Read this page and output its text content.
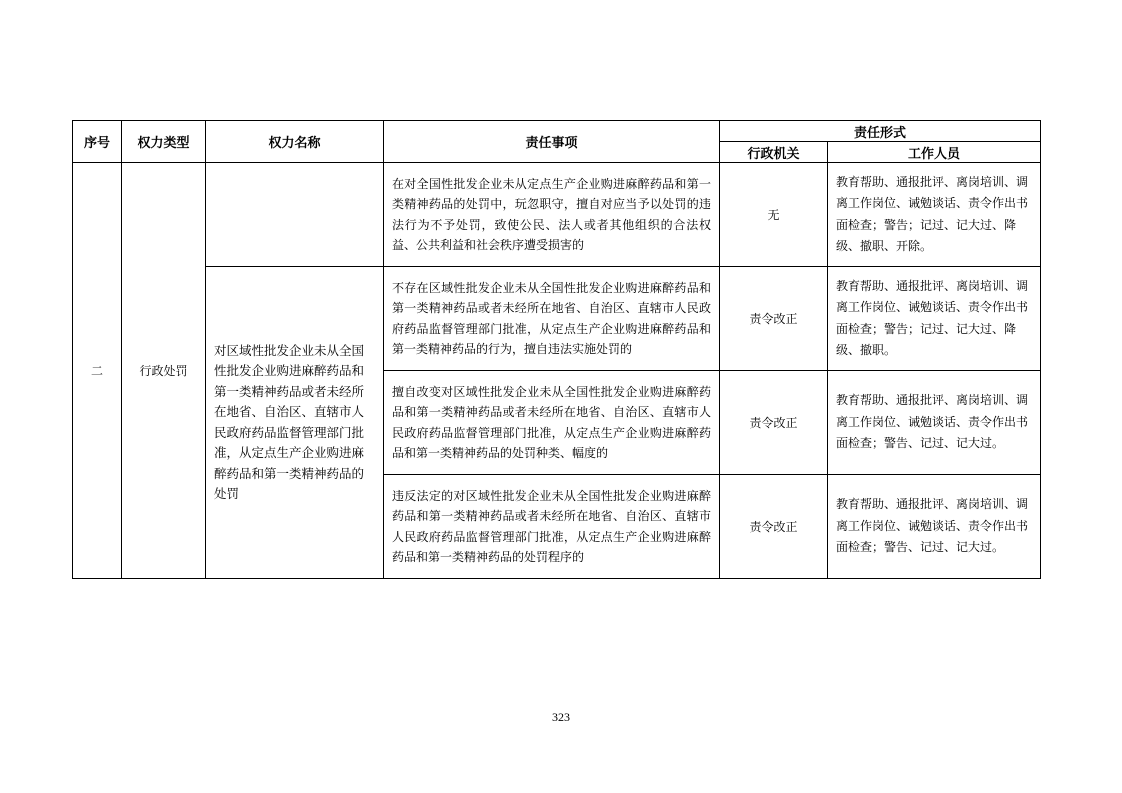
序号	权力类型	权力名称	责任事项	责任形式	
				行政机关	工作人员
二	行政处罚		在对全国性批发企业未从定点生产企业购进麻醉药品和第一类精神药品的处罚中，玩忽职守，擅自对应当予以处罚的违法行为不予处罚，致使公民、法人或者其他组织的合法权益、公共利益和社会秩序遭受损害的	无	教育帮助、通报批评、离岗培训、调离工作岗位、诫勉谈话、责令作出书面检查；警告；记过、记大过、降级、撤职、开除。
		对区域性批发企业未从全国性批发企业购进麻醉药品和第一类精神药品或者未经所在地省、自治区、直辖市人民政府药品监督管理部门批准，从定点生产企业购进麻醉药品和第一类精神药品的处罚	不存在区域性批发企业未从全国性批发企业购进麻醉药品和第一类精神药品或者未经所在地省、自治区、直辖市人民政府药品监督管理部门批准，从定点生产企业购进麻醉药品和第一类精神药品的行为，擅自违法实施处罚的	责令改正	教育帮助、通报批评、离岗培训、调离工作岗位、诫勉谈话、责令作出书面检查；警告；记过、记大过、降级、撤职。
			擅自改变对区域性批发企业未从全国性批发企业购进麻醉药品和第一类精神药品或者未经所在地省、自治区、直辖市人民政府药品监督管理部门批准，从定点生产企业购进麻醉药品和第一类精神药品的处罚种类、幅度的	责令改正	教育帮助、通报批评、离岗培训、调离工作岗位、诫勉谈话、责令作出书面检查；警告、记过、记大过。
			违反法定的对区域性批发企业未从全国性批发企业购进麻醉药品和第一类精神药品或者未经所在地省、自治区、直辖市人民政府药品监督管理部门批准，从定点生产企业购进麻醉药品和第一类精神药品的处罚程序的	责令改正	教育帮助、通报批评、离岗培训、调离工作岗位、诫勉谈话、责令作出书面检查；警告、记过、记大过。
323
